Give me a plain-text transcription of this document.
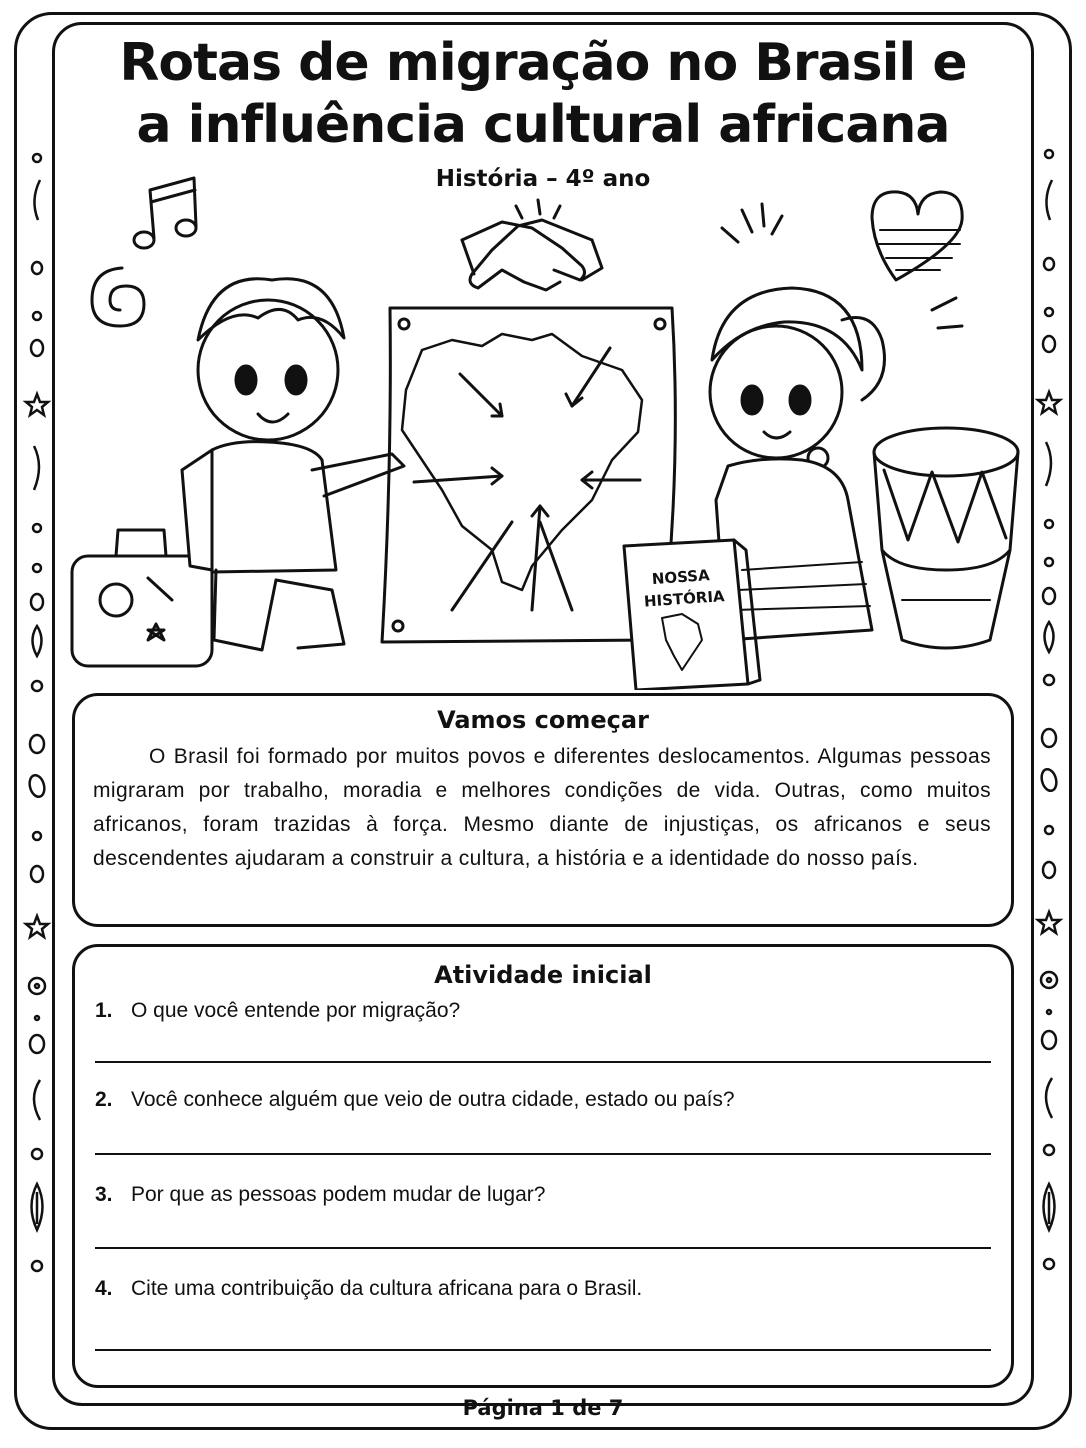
Rotas de migração no Brasil e
a influência cultural africana
História – 4º ano
NOSSA
HISTÓRIA
Vamos começar
O Brasil foi formado por muitos povos e diferentes deslocamentos. Algumas pessoas migraram por trabalho, moradia e melhores condições de vida. Outras, como muitos africanos, foram trazidas à força. Mesmo diante de injustiças, os africanos e seus descendentes ajudaram a construir a cultura, a história e a identidade do nosso país.
Atividade inicial
1. O que você entende por migração?
2. Você conhece alguém que veio de outra cidade, estado ou país?
3. Por que as pessoas podem mudar de lugar?
4. Cite uma contribuição da cultura africana para o Brasil.
Página 1 de 7
